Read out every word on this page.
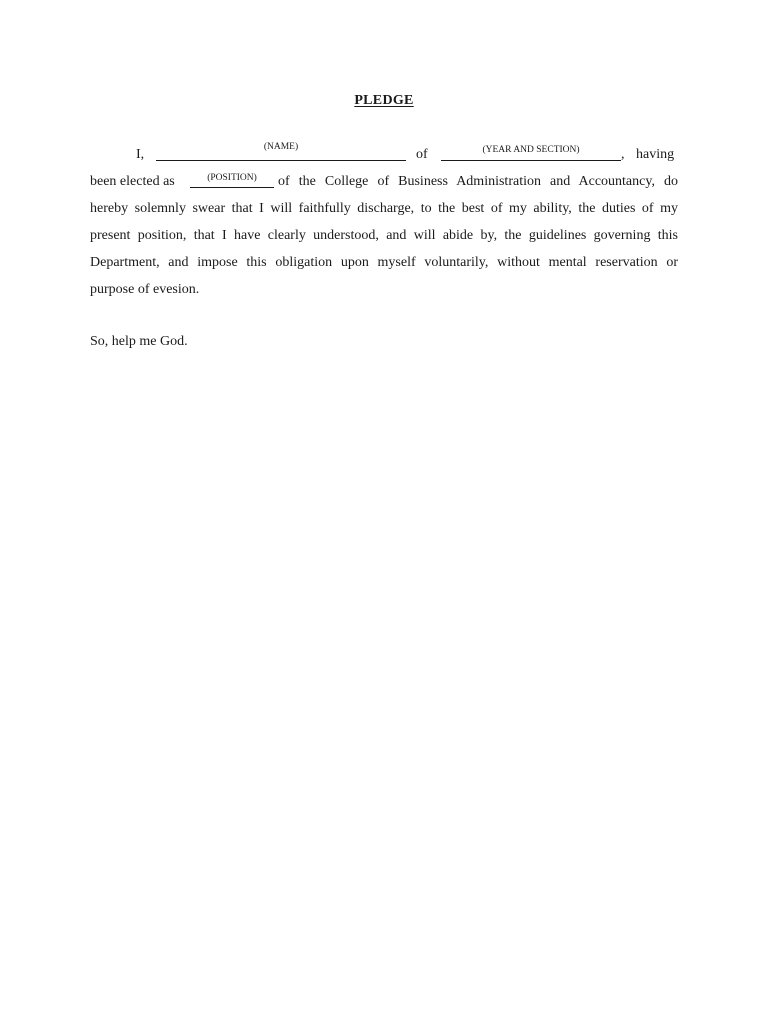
PLEDGE
I,	(NAME)	of	(YEAR AND SECTION)	, having
been elected as	(POSITION)	of the College of Business Administration and Accountancy, do
hereby solemnly swear that I will faithfully discharge, to the best of my ability, the duties of my
present position, that I have clearly understood, and will abide by, the guidelines governing this
Department, and impose this obligation upon myself voluntarily, without mental reservation or
purpose of evesion.
So, help me God.
